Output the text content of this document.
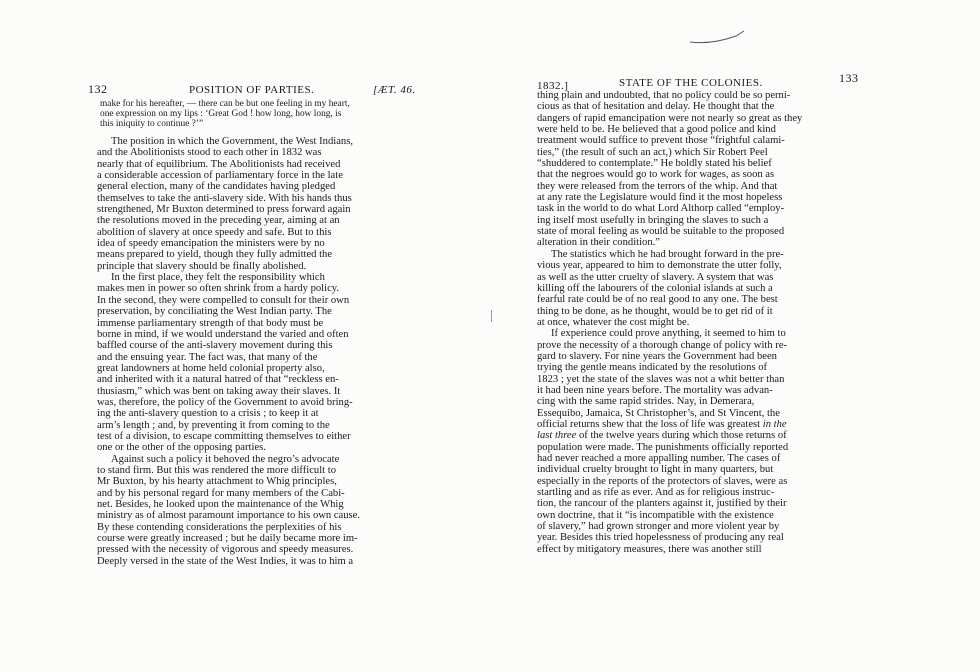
132	POSITION OF PARTIES.	[ÆT. 46.
make for his hereafter, — there can be but one feeling in my heart,
one expression on my lips : ‘Great God ! how long, how long, is
this iniquity to continue ?’”
The position in which the Government, the West Indians,
and the Abolitionists stood to each other in 1832 was
nearly that of equilibrium. The Abolitionists had received
a considerable accession of parliamentary force in the late
general election, many of the candidates having pledged
themselves to take the anti-slavery side. With his hands thus
strengthened, Mr Buxton determined to press forward again
the resolutions moved in the preceding year, aiming at an
abolition of slavery at once speedy and safe. But to this
idea of speedy emancipation the ministers were by no
means prepared to yield, though they fully admitted the
principle that slavery should be finally abolished.
In the first place, they felt the responsibility which
makes men in power so often shrink from a hardy policy.
In the second, they were compelled to consult for their own
preservation, by conciliating the West Indian party. The
immense parliamentary strength of that body must be
borne in mind, if we would understand the varied and often
baffled course of the anti-slavery movement during this
and the ensuing year. The fact was, that many of the
great landowners at home held colonial property also,
and inherited with it a natural hatred of that “reckless en-
thusiasm,” which was bent on taking away their slaves. It
was, therefore, the policy of the Government to avoid bring-
ing the anti-slavery question to a crisis ; to keep it at
arm’s length ; and, by preventing it from coming to the
test of a division, to escape committing themselves to either
one or the other of the opposing parties.
Against such a policy it behoved the negro’s advocate
to stand firm. But this was rendered the more difficult to
Mr Buxton, by his hearty attachment to Whig principles,
and by his personal regard for many members of the Cabi-
net. Besides, he looked upon the maintenance of the Whig
ministry as of almost paramount importance to his own cause.
By these contending considerations the perplexities of his
course were greatly increased ; but he daily became more im-
pressed with the necessity of vigorous and speedy measures.
Deeply versed in the state of the West Indies, it was to him a
1832.]	STATE OF THE COLONIES.	133
thing plain and undoubted, that no policy could be so perni-
cious as that of hesitation and delay. He thought that the
dangers of rapid emancipation were not nearly so great as they
were held to be. He believed that a good police and kind
treatment would suffice to prevent those “frightful calami-
ties,” (the result of such an act,) which Sir Robert Peel
“shuddered to contemplate.” He boldly stated his belief
that the negroes would go to work for wages, as soon as
they were released from the terrors of the whip. And that
at any rate the Legislature would find it the most hopeless
task in the world to do what Lord Althorp called “employ-
ing itself most usefully in bringing the slaves to such a
state of moral feeling as would be suitable to the proposed
alteration in their condition.”
The statistics which he had brought forward in the pre-
vious year, appeared to him to demonstrate the utter folly,
as well as the utter cruelty of slavery. A system that was
killing off the labourers of the colonial islands at such a
fearful rate could be of no real good to any one. The best
thing to be done, as he thought, would be to get rid of it
at once, whatever the cost might be.
If experience could prove anything, it seemed to him to
prove the necessity of a thorough change of policy with re-
gard to slavery. For nine years the Government had been
trying the gentle means indicated by the resolutions of
1823 ; yet the state of the slaves was not a whit better than
it had been nine years before. The mortality was advan-
cing with the same rapid strides. Nay, in Demerara,
Essequibo, Jamaica, St Christopher’s, and St Vincent, the
official returns shew that the loss of life was greatest in the
last three of the twelve years during which those returns of
population were made. The punishments officially reported
had never reached a more appalling number. The cases of
individual cruelty brought to light in many quarters, but
especially in the reports of the protectors of slaves, were as
startling and as rife as ever. And as for religious instruc-
tion, the rancour of the planters against it, justified by their
own doctrine, that it “is incompatible with the existence
of slavery,” had grown stronger and more violent year by
year. Besides this tried hopelessness of producing any real
effect by mitigatory measures, there was another still
